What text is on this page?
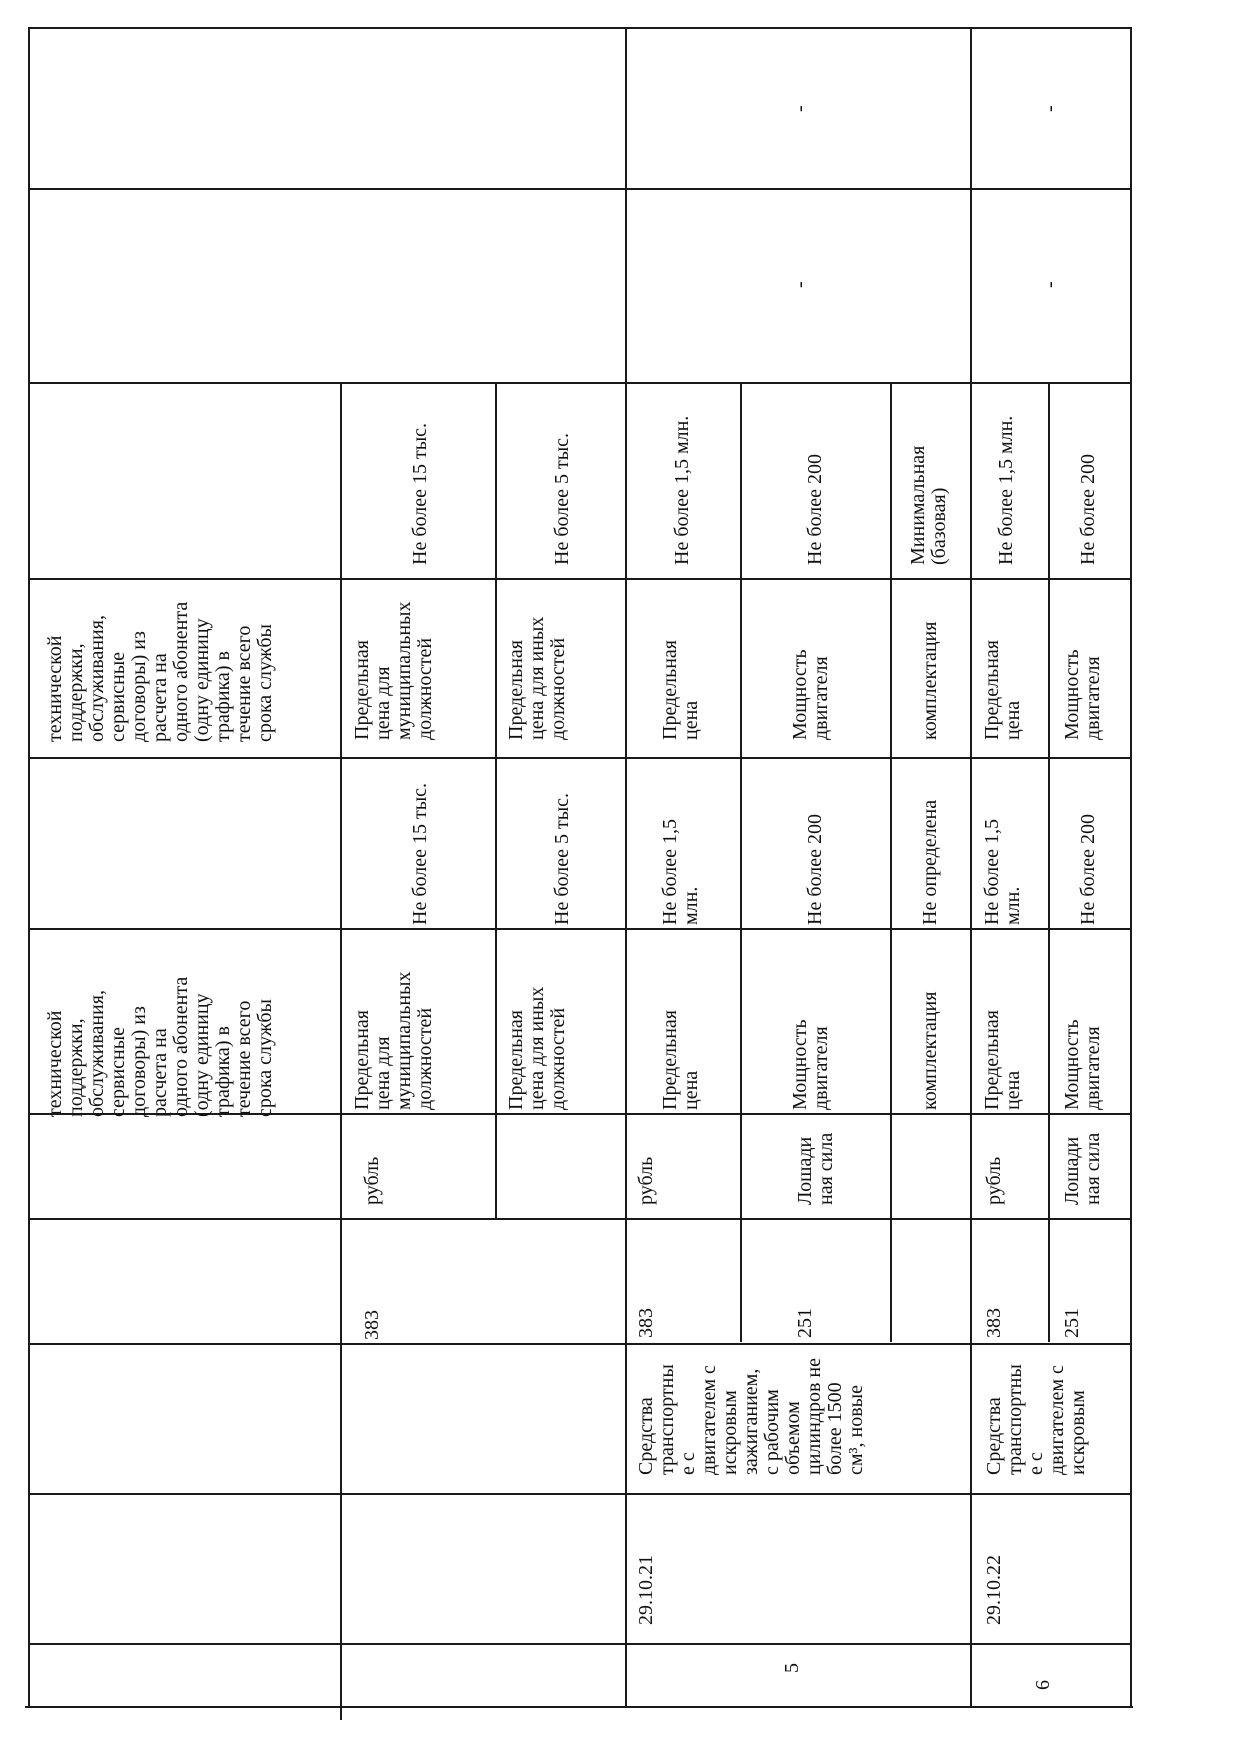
технической
поддержки,
обслуживания,
сервисные
договоры) из
расчета на
одного абонента
(одну единицу
трафика) в
течение всего
срока службы
технической
поддержки,
обслуживания,
сервисные
договоры) из
расчета на
одного абонента
(одну единицу
трафика) в
течение всего
срока службы
383
рубль
Предельная
цена для
муниципальных
должностей
Не более 15 тыс.
Предельная
цена для
муниципальных
должностей
Не более 15 тыс.
Предельная
цена для иных
должностей
Не более 5 тыс.
Предельная
цена для иных
должностей
Не более 5 тыс.
5
29.10.21
Средства
транспортны
е с
двигателем с
искровым
зажиганием,
с рабочим
объемом
цилиндров не
более 1500
см³, новые
383
рубль
Предельная
цена
Не более 1,5
млн.
Предельная
цена
Не более 1,5 млн.
251
Лошади
ная сила
Мощность
двигателя
Не более 200
Мощность
двигателя
Не более 200
комплектация
Не определена
комплектация
Минимальная
(базовая)
-
-
6
29.10.22
Средства
транспортны
е с
двигателем с
искровым
383
рубль
Предельная
цена
Не более 1,5
млн.
Предельная
цена
Не более 1,5 млн.
251
Лошади
ная сила
Мощность
двигателя
Не более 200
Мощность
двигателя
Не более 200
-
-
